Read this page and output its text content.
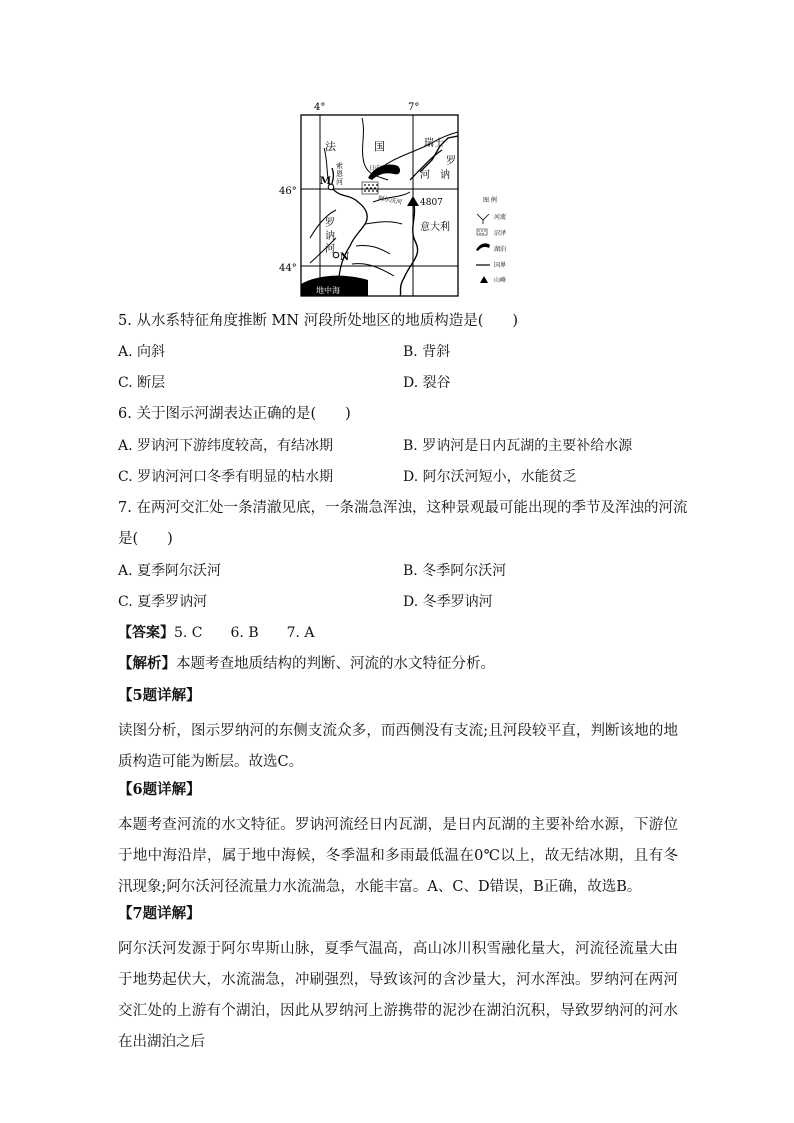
4°	7°
46°
44°
M
N
法	国	瑞士
罗
河 讷
索
恩
河
日内瓦湖
阿尔沃河 4807
罗
讷
河
意大利
地中海
图 例
河流
沼泽
湖泊
国界
山峰
5. 从水系特征角度推断 MN 河段所处地区的地质构造是(　　)
A. 向斜	B. 背斜
C. 断层	D. 裂谷
6. 关于图示河湖表达正确的是(　　)
A. 罗讷河下游纬度较高，有结冰期	B. 罗讷河是日内瓦湖的主要补给水源
C. 罗讷河河口冬季有明显的枯水期	D. 阿尔沃河短小，水能贫乏
7. 在两河交汇处一条清澈见底，一条湍急浑浊，这种景观最可能出现的季节及浑浊的河流
是(　　)
A. 夏季阿尔沃河	B. 冬季阿尔沃河
C. 夏季罗讷河	D. 冬季罗讷河
【答案】5. C　　6. B　　7. A
【解析】本题考查地质结构的判断、河流的水文特征分析。
【5题详解】
读图分析，图示罗纳河的东侧支流众多，而西侧没有支流;且河段较平直，判断该地的地质构造可能为断层。故选C。
【6题详解】
本题考查河流的水文特征。罗讷河流经日内瓦湖，是日内瓦湖的主要补给水源，下游位于地中海沿岸，属于地中海候，冬季温和多雨最低温在0℃以上，故无结冰期，且有冬汛现象;阿尔沃河径流量力水流湍急，水能丰富。A、C、D错误，B正确，故选B。
【7题详解】
阿尔沃河发源于阿尔卑斯山脉，夏季气温高，高山冰川积雪融化量大，河流径流量大由于地势起伏大，水流湍急，冲刷强烈，导致该河的含沙量大，河水浑浊。罗纳河在两河交汇处的上游有个湖泊，因此从罗纳河上游携带的泥沙在湖泊沉积，导致罗纳河的河水在出湖泊之后
